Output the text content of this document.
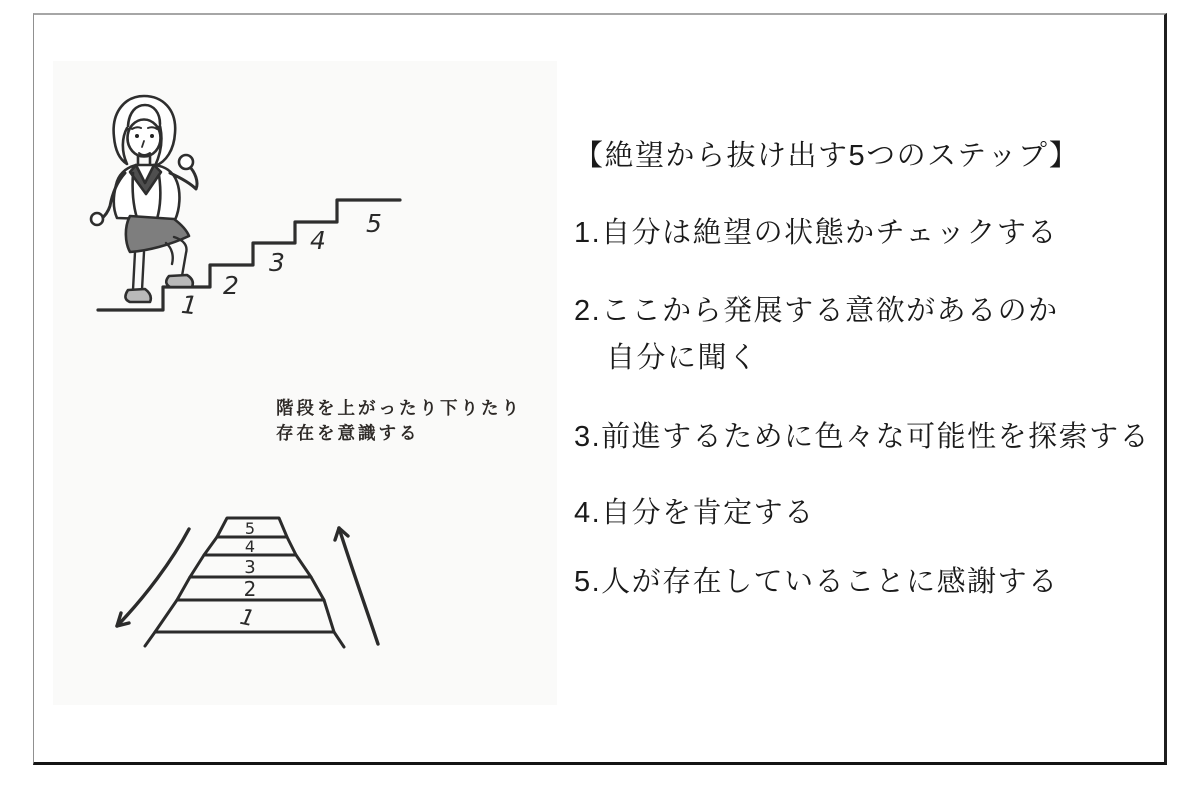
1
2
3
4
5
5
4
3
2
1
階段を上がったり下りたり
存在を意識する
【絶望から抜け出す5つのステップ】
1.自分は絶望の状態かチェックする
2.ここから発展する意欲があるのか
自分に聞く
3.前進するために色々な可能性を探索する
4.自分を肯定する
5.人が存在していることに感謝する
